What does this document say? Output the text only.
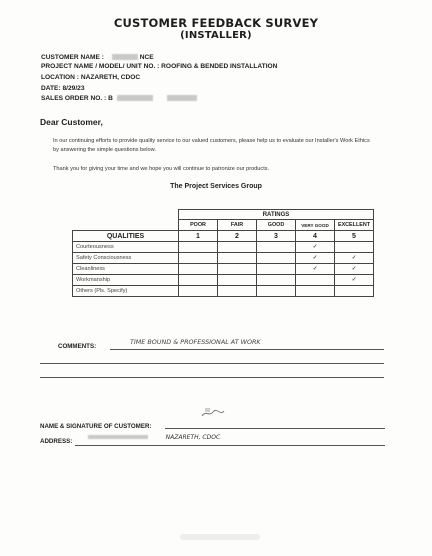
CUSTOMER FEEDBACK SURVEY
(INSTALLER)
CUSTOMER NAME :	NCE
PROJECT NAME / MODEL/ UNIT NO. : ROOFING & BENDED INSTALLATION
LOCATION : NAZARETH, CDOC
DATE: 8/29/23
SALES ORDER NO. : B
Dear Customer,
In our continuing efforts to provide quality service to our valued customers, please help us to evaluate our Installer's Work Ethics by answering the simple questions below.
Thank you for giving your time and we hope you will continue to patronize our products.
The Project Services Group
	RATINGS				
	POOR	FAIR	GOOD	VERY GOOD	EXCELLENT
QUALITIES	1	2	3	4	5
Courteousness				✓	
Safety Consciousness				✓	✓
Cleanliness				✓	✓
Workmanship					✓
Others (Pls. Specify)					
COMMENTS:
TIME BOUND & PROFESSIONAL AT WORK
NAME & SIGNATURE OF CUSTOMER:
ADDRESS:
NAZARETH, CDOC
